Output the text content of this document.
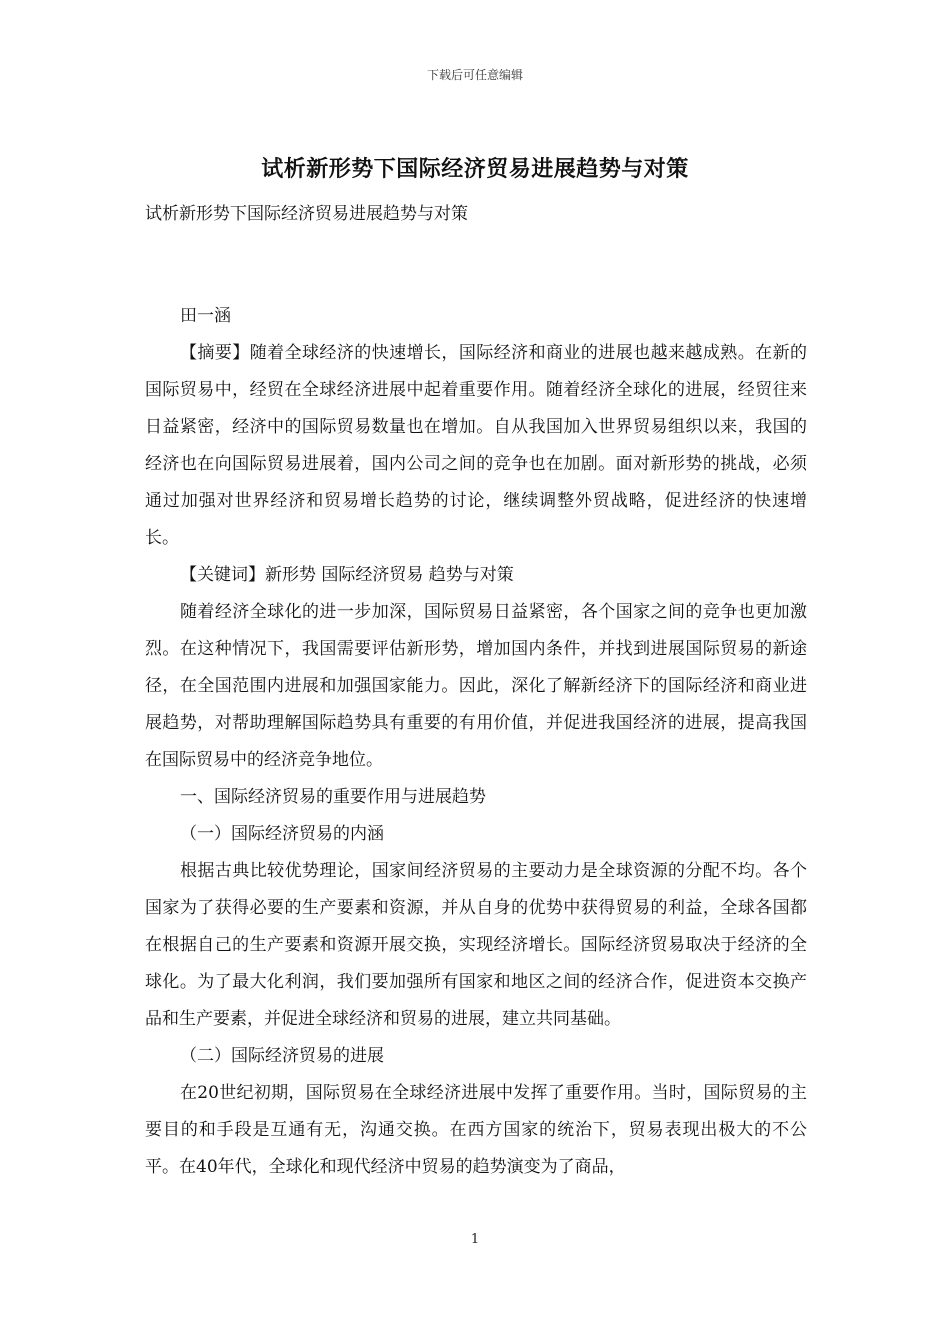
下载后可任意编辑
试析新形势下国际经济贸易进展趋势与对策

试析新形势下国际经济贸易进展趋势与对策

田一涵

【摘要】随着全球经济的快速增长，国际经济和商业的进展也越来越成熟。在新的国际贸易中，经贸在全球经济进展中起着重要作用。随着经济全球化的进展，经贸往来日益紧密，经济中的国际贸易数量也在增加。自从我国加入世界贸易组织以来，我国的经济也在向国际贸易进展着，国内公司之间的竞争也在加剧。面对新形势的挑战，必须通过加强对世界经济和贸易增长趋势的讨论，继续调整外贸战略，促进经济的快速增长。

【关键词】新形势 国际经济贸易 趋势与对策

随着经济全球化的进一步加深，国际贸易日益紧密，各个国家之间的竞争也更加激烈。在这种情况下，我国需要评估新形势，增加国内条件，并找到进展国际贸易的新途径，在全国范围内进展和加强国家能力。因此，深化了解新经济下的国际经济和商业进展趋势，对帮助理解国际趋势具有重要的有用价值，并促进我国经济的进展，提高我国在国际贸易中的经济竞争地位。

一、国际经济贸易的重要作用与进展趋势

（一）国际经济贸易的内涵

根据古典比较优势理论，国家间经济贸易的主要动力是全球资源的分配不均。各个国家为了获得必要的生产要素和资源，并从自身的优势中获得贸易的利益，全球各国都在根据自己的生产要素和资源开展交换，实现经济增长。国际经济贸易取决于经济的全球化。为了最大化利润，我们要加强所有国家和地区之间的经济合作，促进资本交换产品和生产要素，并促进全球经济和贸易的进展，建立共同基础。

（二）国际经济贸易的进展

在20世纪初期，国际贸易在全球经济进展中发挥了重要作用。当时，国际贸易的主要目的和手段是互通有无，沟通交换。在西方国家的统治下，贸易表现出极大的不公平。在40年代，全球化和现代经济中贸易的趋势演变为了商品，

1
